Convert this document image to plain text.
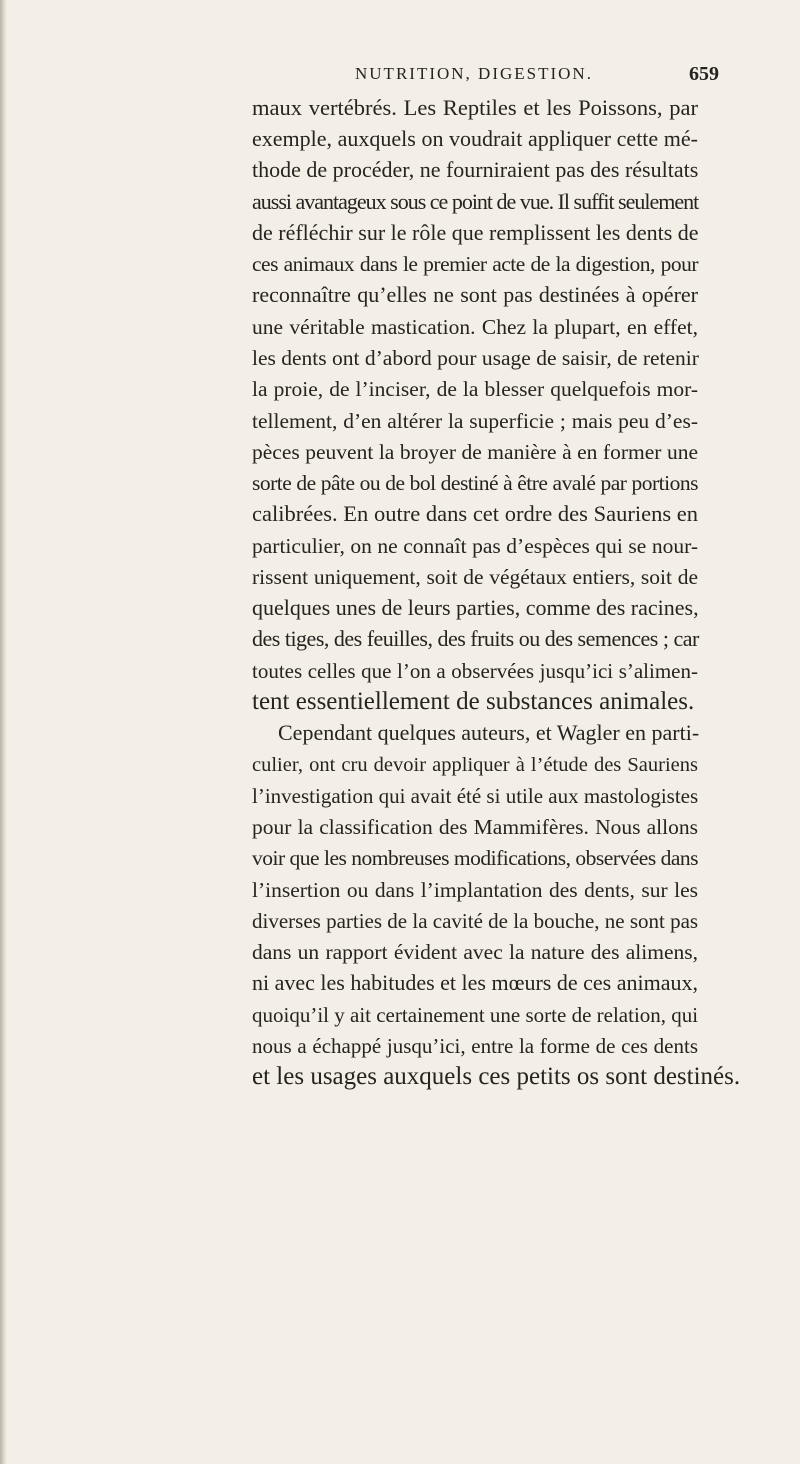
NUTRITION, DIGESTION.	659
maux vertébrés. Les Reptiles et les Poissons, par
exemple, auxquels on voudrait appliquer cette mé-
thode de procéder, ne fourniraient pas des résultats
aussi avantageux sous ce point de vue. Il suffit seulement
de réfléchir sur le rôle que remplissent les dents de
ces animaux dans le premier acte de la digestion, pour
reconnaître qu’elles ne sont pas destinées à opérer
une véritable mastication. Chez la plupart, en effet,
les dents ont d’abord pour usage de saisir, de retenir
la proie, de l’inciser, de la blesser quelquefois mor-
tellement, d’en altérer la superficie ; mais peu d’es-
pèces peuvent la broyer de manière à en former une
sorte de pâte ou de bol destiné à être avalé par portions
calibrées. En outre dans cet ordre des Sauriens en
particulier, on ne connaît pas d’espèces qui se nour-
rissent uniquement, soit de végétaux entiers, soit de
quelques unes de leurs parties, comme des racines,
des tiges, des feuilles, des fruits ou des semences ; car
toutes celles que l’on a observées jusqu’ici s’alimen-
tent essentiellement de substances animales.
Cependant quelques auteurs, et Wagler en parti-
culier, ont cru devoir appliquer à l’étude des Sauriens
l’investigation qui avait été si utile aux mastologistes
pour la classification des Mammifères. Nous allons
voir que les nombreuses modifications, observées dans
l’insertion ou dans l’implantation des dents, sur les
diverses parties de la cavité de la bouche, ne sont pas
dans un rapport évident avec la nature des alimens,
ni avec les habitudes et les mœurs de ces animaux,
quoiqu’il y ait certainement une sorte de relation, qui
nous a échappé jusqu’ici, entre la forme de ces dents
et les usages auxquels ces petits os sont destinés.
